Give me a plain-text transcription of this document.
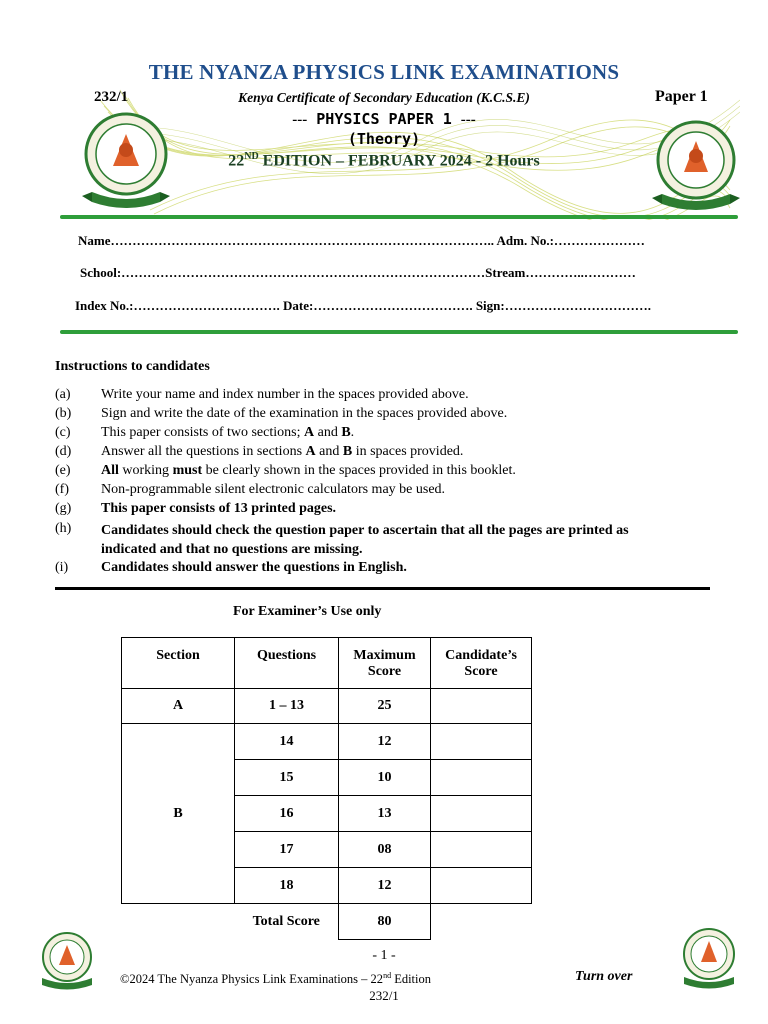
THE NYANZA PHYSICS LINK EXAMINATIONS
232/1	Kenya Certificate of Secondary Education (K.C.S.E)	Paper 1
--- PHYSICS PAPER 1 ---
(Theory)
22ND EDITION – FEBRUARY 2024 - 2 Hours
Name…………………………………………………………………………….. Adm. No.:…………………
School:…………………………………………………………………………Stream…………..…………
Index No.:……………………………. Date:………………………………. Sign:…………………………….
Instructions to candidates
(a) Write your name and index number in the spaces provided above.
(b) Sign and write the date of the examination in the spaces provided above.
(c) This paper consists of two sections; A and B.
(d) Answer all the questions in sections A and B in spaces provided.
(e) All working must be clearly shown in the spaces provided in this booklet.
(f) Non-programmable silent electronic calculators may be used.
(g) This paper consists of 13 printed pages.
(h) Candidates should check the question paper to ascertain that all the pages are printed as indicated and that no questions are missing.
(i) Candidates should answer the questions in English.
For Examiner’s Use only
Section	Questions	Maximum Score	Candidate’s Score
A	1 – 13	25	
B	14	12	
	15	10	
	16	13	
	17	08	
	18	12	
	Total Score	80	
- 1 -
©2024 The Nyanza Physics Link Examinations – 22nd Edition	Turn over
232/1
